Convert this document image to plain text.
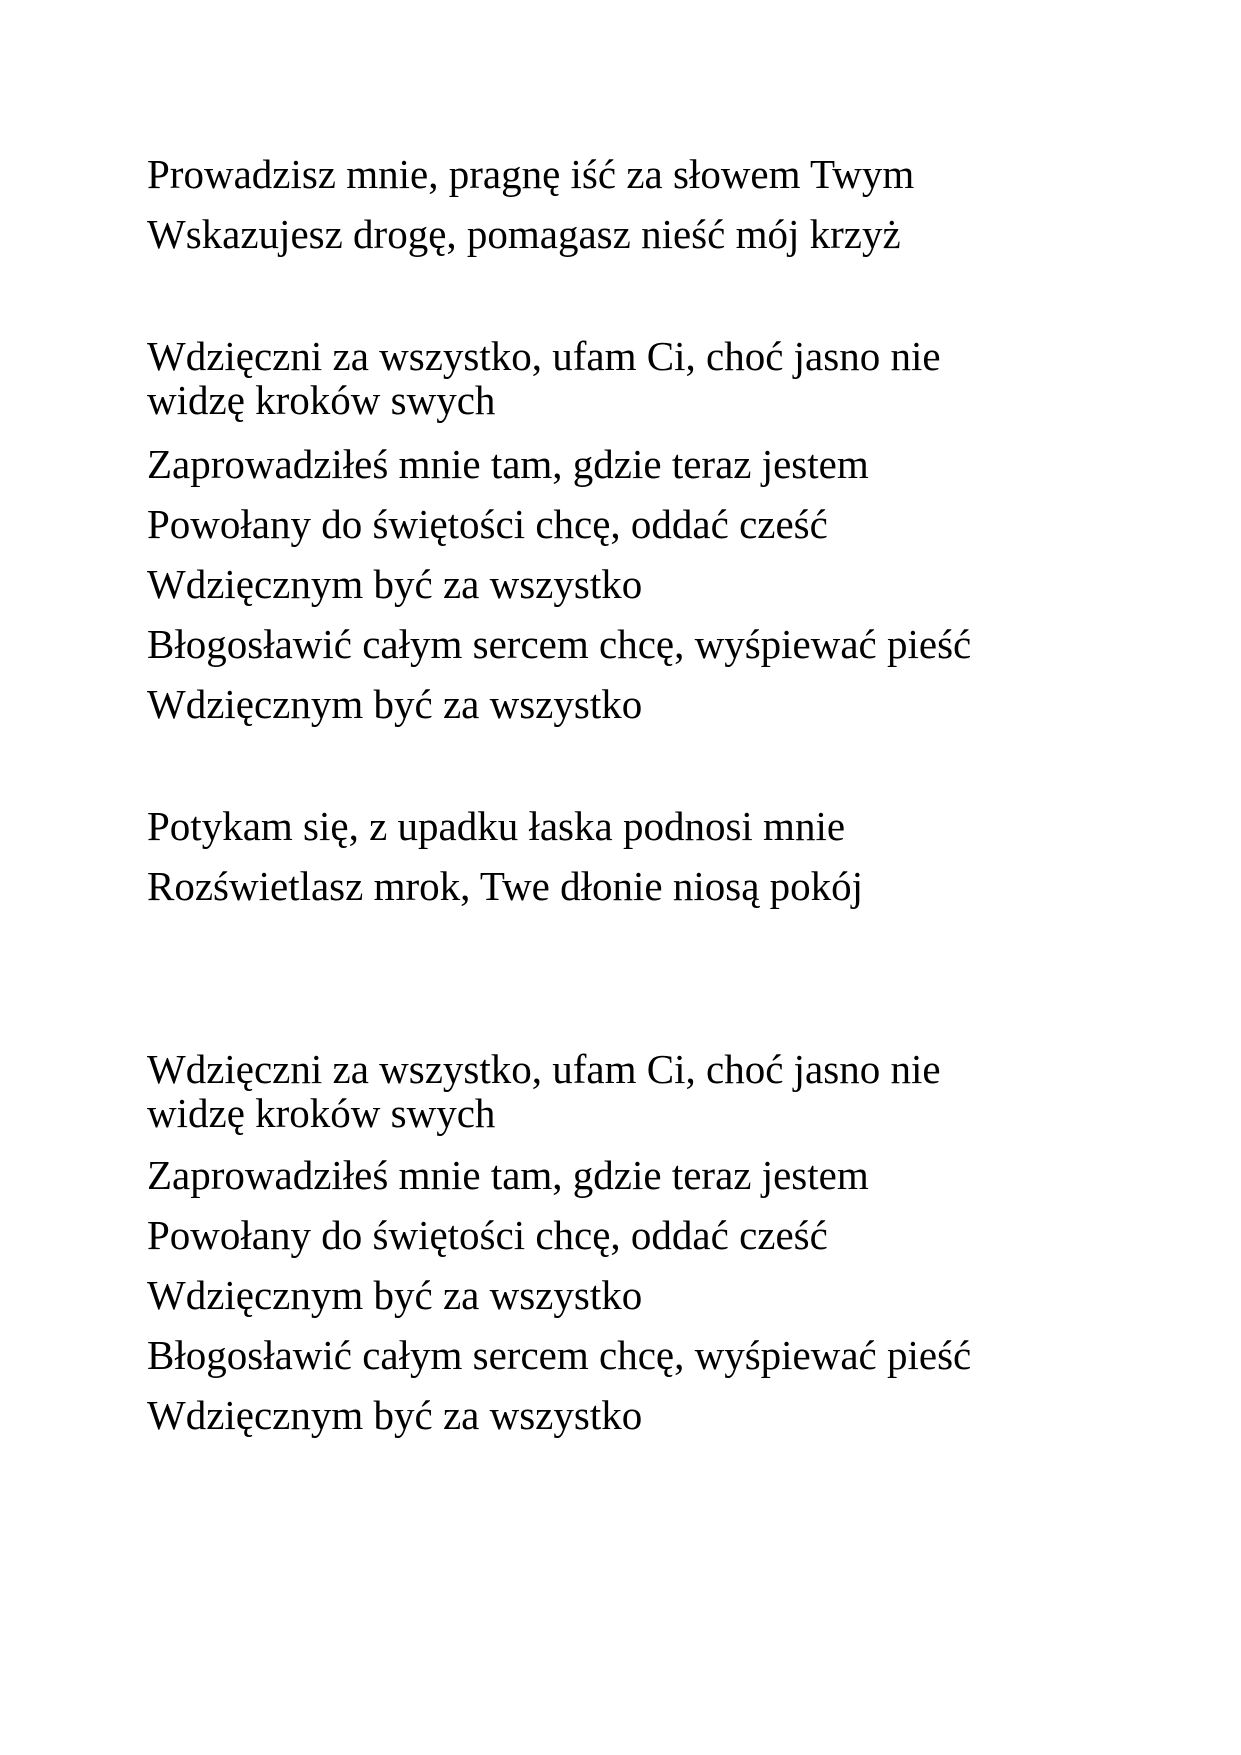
Prowadzisz mnie, pragnę iść za słowem Twym
Wskazujesz drogę, pomagasz nieść mój krzyż
Wdzięczni za wszystko, ufam Ci, choć jasno nie widzę kroków swych
Zaprowadziłeś mnie tam, gdzie teraz jestem
Powołany do świętości chcę, oddać cześć
Wdzięcznym być za wszystko
Błogosławić całym sercem chcę, wyśpiewać pieść
Wdzięcznym być za wszystko
Potykam się, z upadku łaska podnosi mnie
Rozświetlasz mrok, Twe dłonie niosą pokój
Wdzięczni za wszystko, ufam Ci, choć jasno nie widzę kroków swych
Zaprowadziłeś mnie tam, gdzie teraz jestem
Powołany do świętości chcę, oddać cześć
Wdzięcznym być za wszystko
Błogosławić całym sercem chcę, wyśpiewać pieść
Wdzięcznym być za wszystko
